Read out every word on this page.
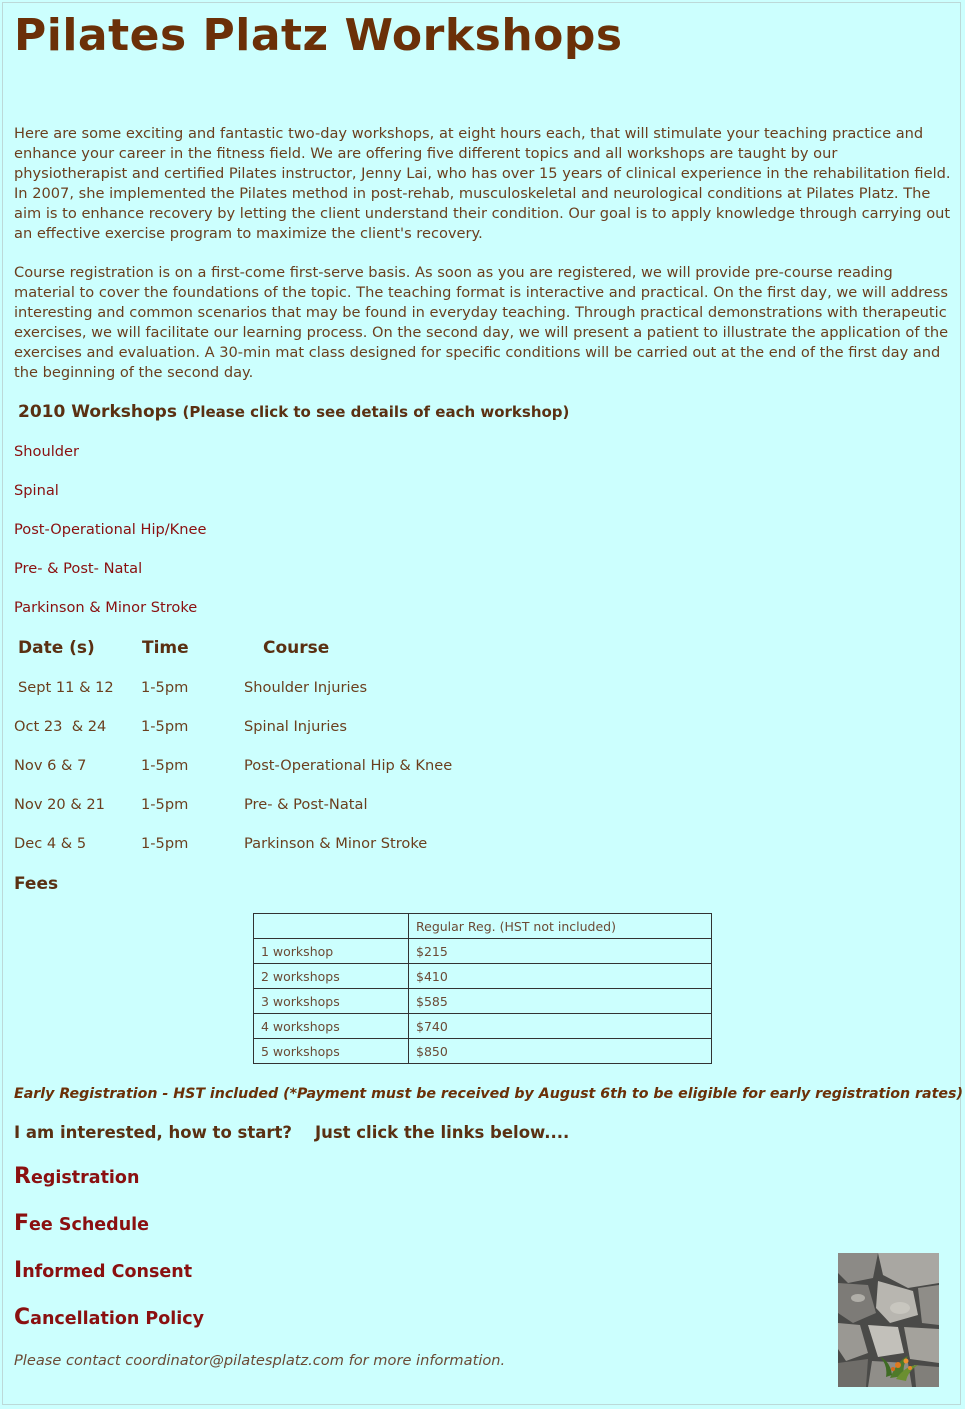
Pilates Platz Workshops

Here are some exciting and fantastic two-day workshops, at eight hours each, that will stimulate your teaching practice and enhance your career in the fitness field. We are offering five different topics and all workshops are taught by our physiotherapist and certified Pilates instructor, Jenny Lai, who has over 15 years of clinical experience in the rehabilitation field. In 2007, she implemented the Pilates method in post-rehab, musculoskeletal and neurological conditions at Pilates Platz. The aim is to enhance recovery by letting the client understand their condition. Our goal is to apply knowledge through carrying out an effective exercise program to maximize the client's recovery.

Course registration is on a first-come first-serve basis. As soon as you are registered, we will provide pre-course reading material to cover the foundations of the topic. The teaching format is interactive and practical. On the first day, we will address interesting and common scenarios that may be found in everyday teaching. Through practical demonstrations with therapeutic exercises, we will facilitate our learning process. On the second day, we will present a patient to illustrate the application of the exercises and evaluation. A 30-min mat class designed for specific conditions will be carried out at the end of the first day and the beginning of the second day.

2010 Workshops (Please click to see details of each workshop)
Shoulder
Spinal
Post-Operational Hip/Knee
Pre- & Post- Natal
Parkinson & Minor Stroke
Date (s)	Time	Course
Sept 11 & 12 1-5pm	Shoulder Injuries
Oct 23  & 24 1-5pm	Spinal Injuries
Nov 6 & 7	1-5pm	Post-Operational Hip & Knee
Nov 20 & 21 1-5pm	Pre- & Post-Natal
Dec 4 & 5	1-5pm	Parkinson & Minor Stroke
Fees
	Regular Reg. (HST not included)
1 workshop	$215
2 workshops	$410
3 workshops	$585
4 workshops	$740
5 workshops	$850
Early Registration - HST included (*Payment must be received by August 6th to be eligible for early registration rates)
I am interested, how to start?    Just click the links below....
Registration
Fee Schedule
Informed Consent
Cancellation Policy
Please contact coordinator@pilatesplatz.com for more information.
